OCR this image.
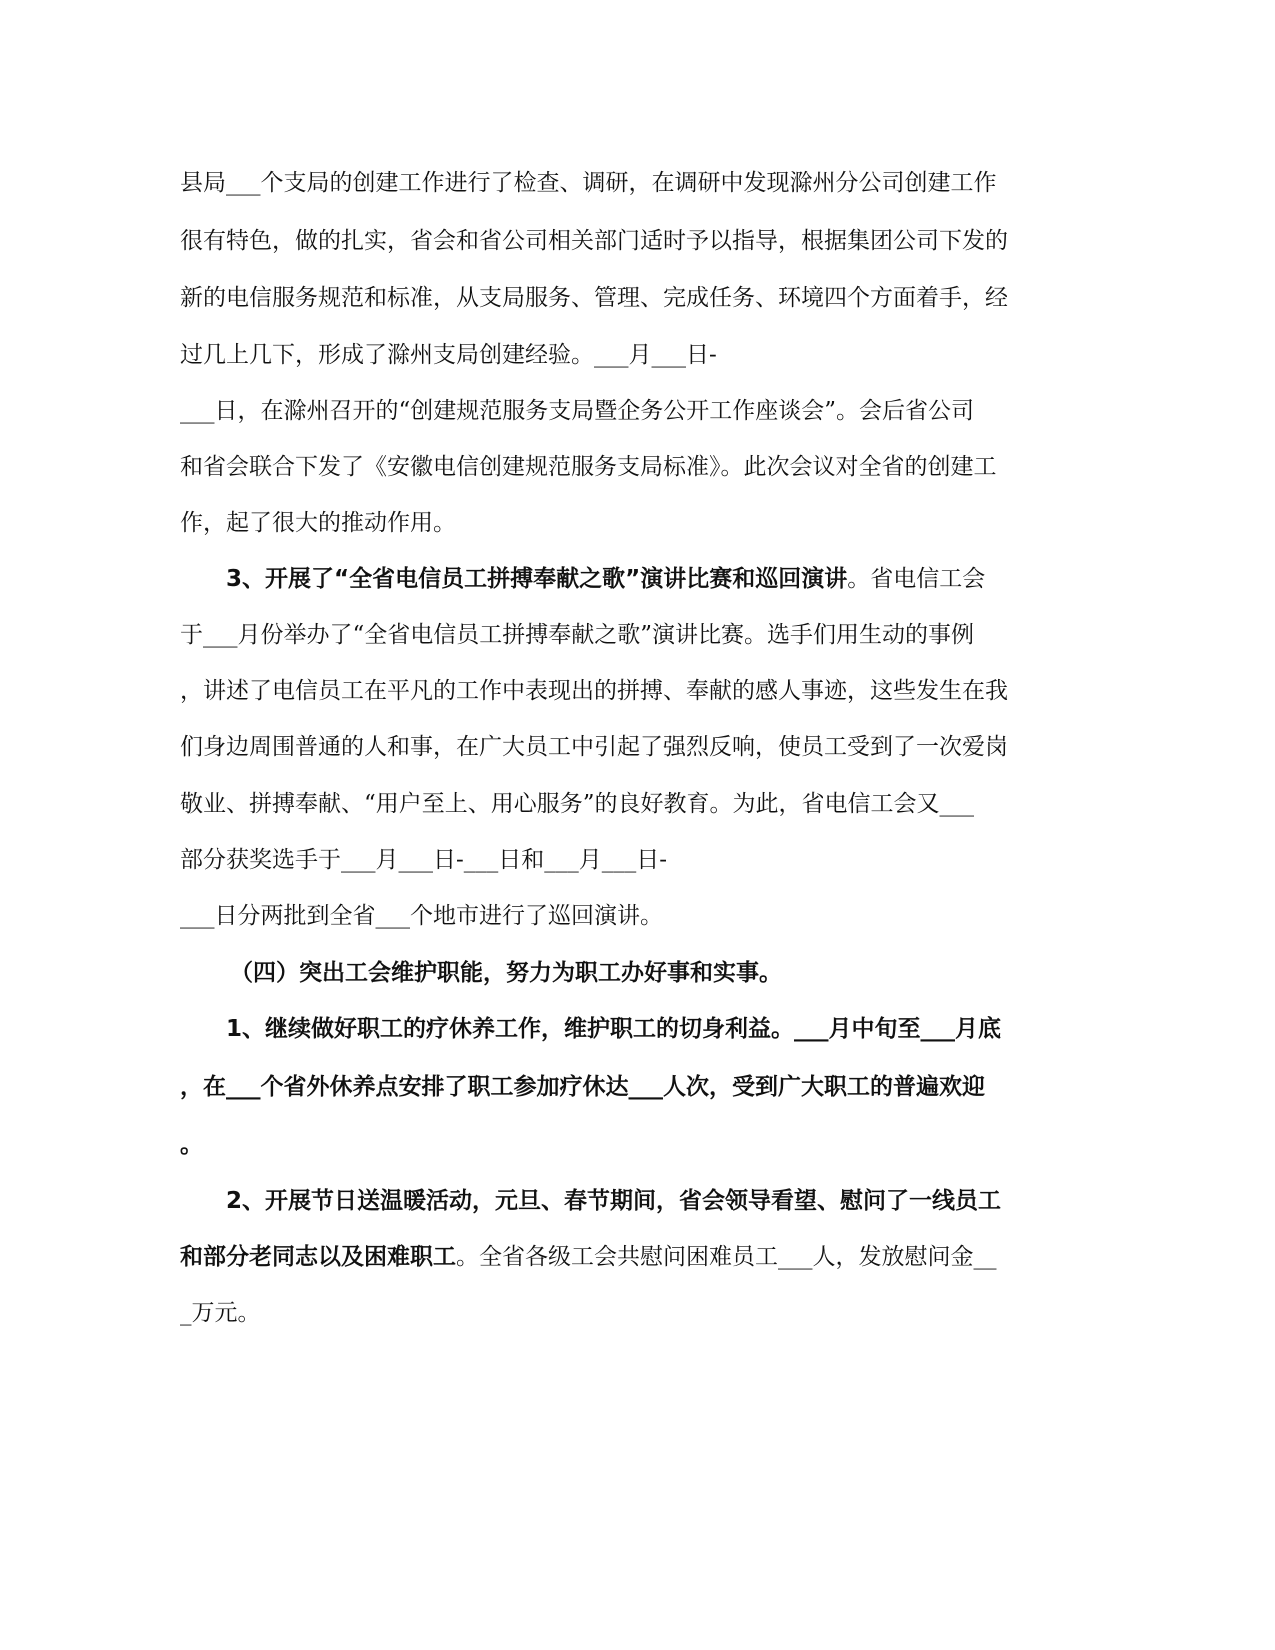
县局___个支局的创建工作进行了检查、调研，在调研中发现滁州分公司创建工作
很有特色，做的扎实，省会和省公司相关部门适时予以指导，根据集团公司下发的
新的电信服务规范和标准，从支局服务、管理、完成任务、环境四个方面着手，经
过几上几下，形成了滁州支局创建经验。___月___日-
___日，在滁州召开的“创建规范服务支局暨企务公开工作座谈会”。会后省公司
和省会联合下发了《安徽电信创建规范服务支局标准》。此次会议对全省的创建工
作，起了很大的推动作用。
3、开展了“全省电信员工拼搏奉献之歌”演讲比赛和巡回演讲。省电信工会
于___月份举办了“全省电信员工拼搏奉献之歌”演讲比赛。选手们用生动的事例
，讲述了电信员工在平凡的工作中表现出的拼搏、奉献的感人事迹，这些发生在我
们身边周围普通的人和事，在广大员工中引起了强烈反响，使员工受到了一次爱岗
敬业、拼搏奉献、“用户至上、用心服务”的良好教育。为此，省电信工会又___
部分获奖选手于___月___日-___日和___月___日-
___日分两批到全省___个地市进行了巡回演讲。
（四）突出工会维护职能，努力为职工办好事和实事。
1、继续做好职工的疗休养工作，维护职工的切身利益。___月中旬至___月底
，在___个省外休养点安排了职工参加疗休达___人次，受到广大职工的普遍欢迎
。
2、开展节日送温暖活动，元旦、春节期间，省会领导看望、慰问了一线员工
和部分老同志以及困难职工。全省各级工会共慰问困难员工___人，发放慰问金__
_万元。
